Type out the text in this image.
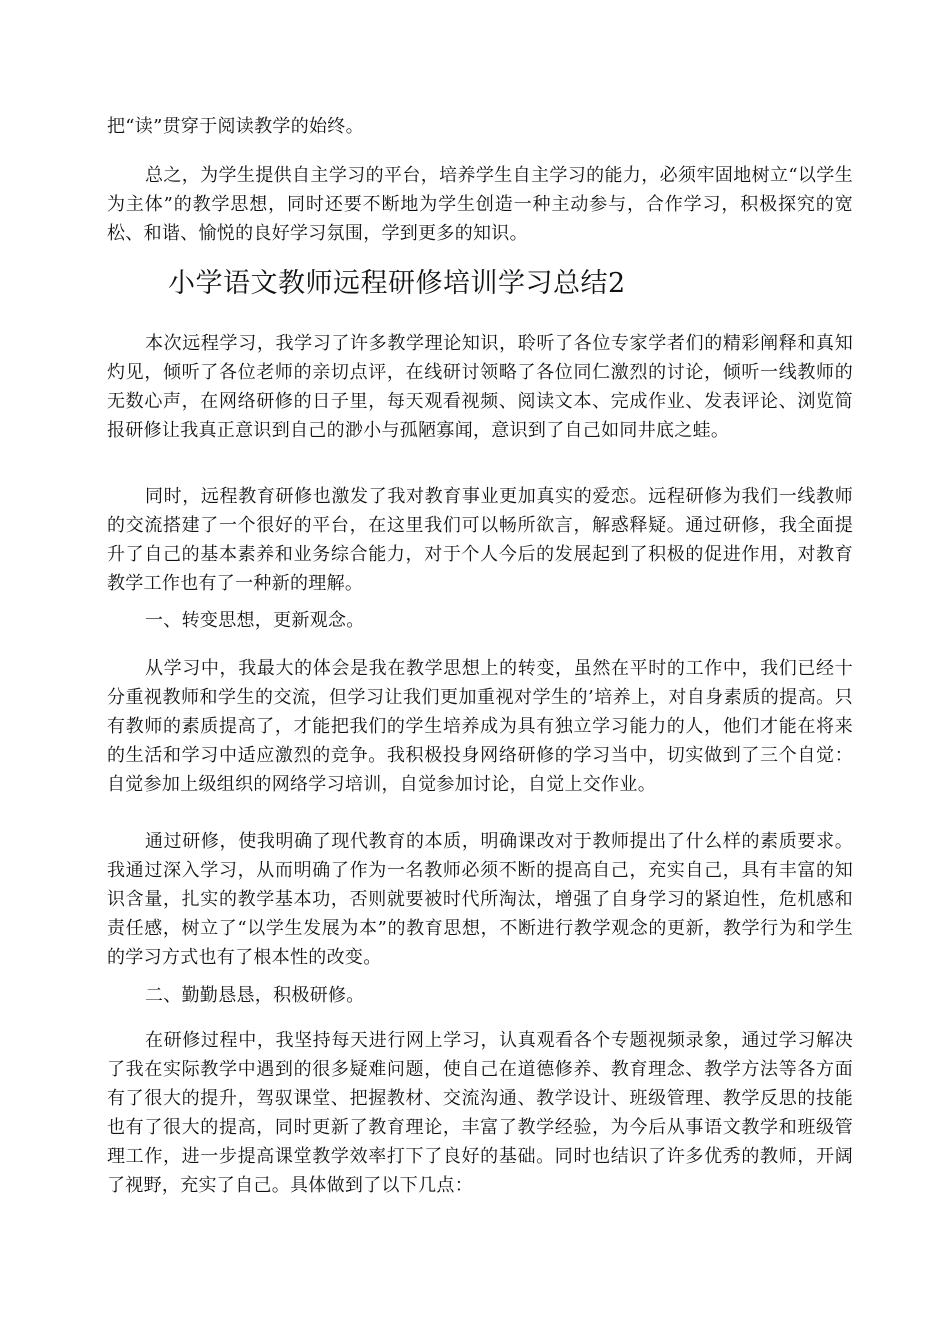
把“读”贯穿于阅读教学的始终。

总之，为学生提供自主学习的平台，培养学生自主学习的能力，必须牢固地树立“以学生为主体”的教学思想，同时还要不断地为学生创造一种主动参与，合作学习，积极探究的宽松、和谐、愉悦的良好学习氛围，学到更多的知识。

小学语文教师远程研修培训学习总结2

本次远程学习，我学习了许多教学理论知识，聆听了各位专家学者们的精彩阐释和真知灼见，倾听了各位老师的亲切点评，在线研讨领略了各位同仁激烈的讨论，倾听一线教师的无数心声，在网络研修的日子里，每天观看视频、阅读文本、完成作业、发表评论、浏览简报研修让我真正意识到自己的渺小与孤陋寡闻，意识到了自己如同井底之蛙。

同时，远程教育研修也激发了我对教育事业更加真实的爱恋。远程研修为我们一线教师的交流搭建了一个很好的平台，在这里我们可以畅所欲言，解惑释疑。通过研修，我全面提升了自己的基本素养和业务综合能力，对于个人今后的发展起到了积极的促进作用，对教育教学工作也有了一种新的理解。

一、转变思想，更新观念。

从学习中，我最大的体会是我在教学思想上的转变，虽然在平时的工作中，我们已经十分重视教师和学生的交流，但学习让我们更加重视对学生的’培养上，对自身素质的提高。只有教师的素质提高了，才能把我们的学生培养成为具有独立学习能力的人，他们才能在将来的生活和学习中适应激烈的竞争。我积极投身网络研修的学习当中，切实做到了三个自觉：自觉参加上级组织的网络学习培训，自觉参加讨论，自觉上交作业。

通过研修，使我明确了现代教育的本质，明确课改对于教师提出了什么样的素质要求。我通过深入学习，从而明确了作为一名教师必须不断的提高自己，充实自己，具有丰富的知识含量，扎实的教学基本功，否则就要被时代所淘汰，增强了自身学习的紧迫性，危机感和责任感，树立了“以学生发展为本”的教育思想，不断进行教学观念的更新，教学行为和学生的学习方式也有了根本性的改变。

二、勤勤恳恳，积极研修。

在研修过程中，我坚持每天进行网上学习，认真观看各个专题视频录象，通过学习解决了我在实际教学中遇到的很多疑难问题，使自己在道德修养、教育理念、教学方法等各方面有了很大的提升，驾驭课堂、把握教材、交流沟通、教学设计、班级管理、教学反思的技能也有了很大的提高，同时更新了教育理论，丰富了教学经验，为今后从事语文教学和班级管理工作，进一步提高课堂教学效率打下了良好的基础。同时也结识了许多优秀的教师，开阔了视野，充实了自己。具体做到了以下几点：
